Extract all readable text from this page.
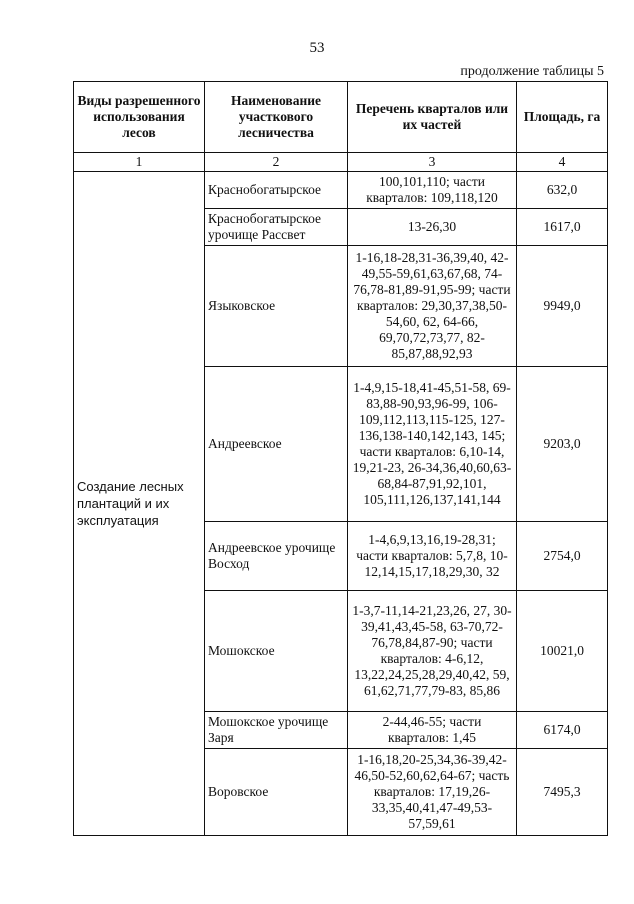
53
продолжение таблицы 5
Виды разрешенного использования лесов	Наименование участкового лесничества	Перечень кварталов или их частей	Площадь, га
1	2	3	4
Создание лесных плантаций и их эксплуатация	Краснобогатырское	100,101,110; части кварталов: 109,118,120	632,0
	Краснобогатырское урочище Рассвет	13-26,30	1617,0
	Языковское	1-16,18-28,31-36,39,40, 42-49,55-59,61,63,67,68, 74-76,78-81,89-91,95-99; части кварталов: 29,30,37,38,50-54,60, 62, 64-66, 69,70,72,73,77, 82-85,87,88,92,93	9949,0
	Андреевское	1-4,9,15-18,41-45,51-58, 69-83,88-90,93,96-99, 106-109,112,113,115-125, 127-136,138-140,142,143, 145; части кварталов: 6,10-14, 19,21-23, 26-34,36,40,60,63-68,84-87,91,92,101, 105,111,126,137,141,144	9203,0
	Андреевское урочище Восход	1-4,6,9,13,16,19-28,31; части кварталов: 5,7,8, 10-12,14,15,17,18,29,30, 32	2754,0
	Мошокское	1-3,7-11,14-21,23,26, 27, 30-39,41,43,45-58, 63-70,72-76,78,84,87-90; части кварталов: 4-6,12, 13,22,24,25,28,29,40,42, 59, 61,62,71,77,79-83, 85,86	10021,0
	Мошокское урочище Заря	2-44,46-55; части кварталов: 1,45	6174,0
	Воровское	1-16,18,20-25,34,36-39,42-46,50-52,60,62,64-67; часть кварталов: 17,19,26-33,35,40,41,47-49,53-57,59,61	7495,3
